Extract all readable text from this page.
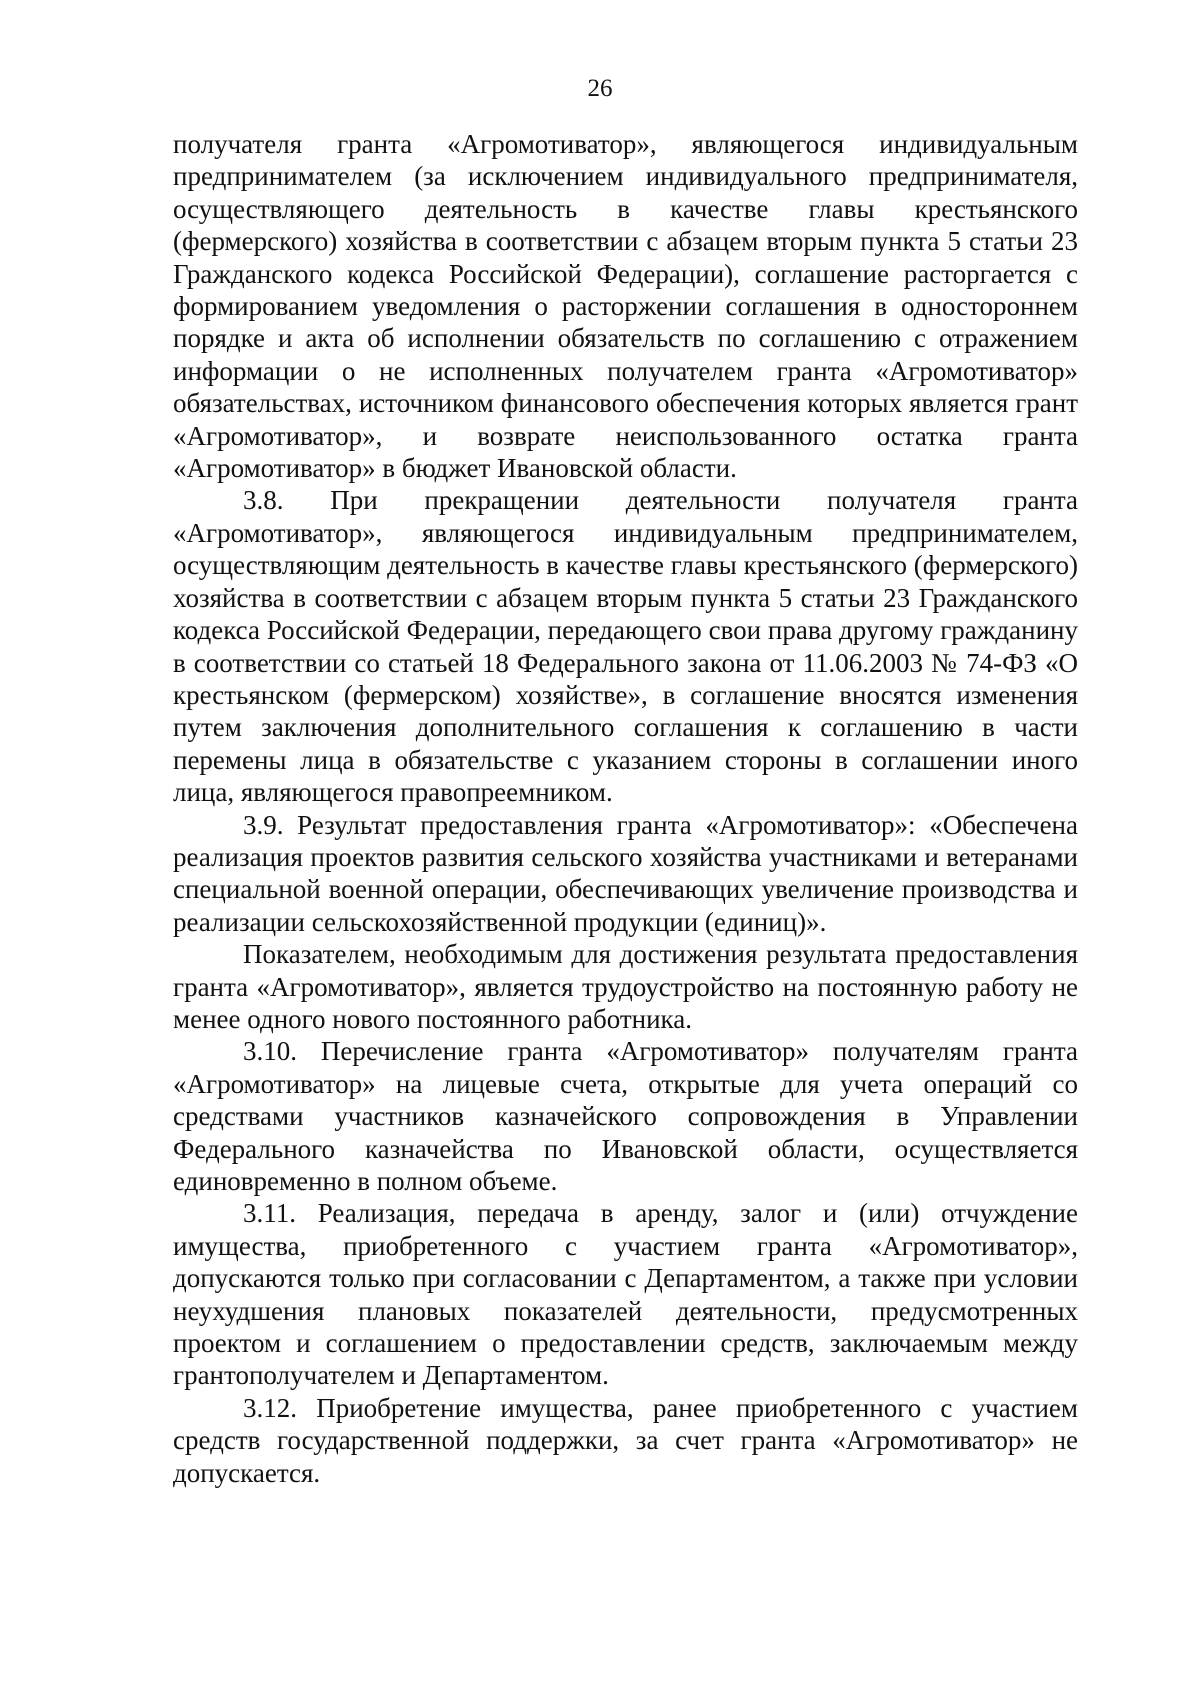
26

получателя гранта «Агромотиватор», являющегося индивидуальным предпринимателем (за исключением индивидуального предпринимателя, осуществляющего деятельность в качестве главы крестьянского (фермерского) хозяйства в соответствии с абзацем вторым пункта 5 статьи 23 Гражданского кодекса Российской Федерации), соглашение расторгается с формированием уведомления о расторжении соглашения в одностороннем порядке и акта об исполнении обязательств по соглашению с отражением информации о не исполненных получателем гранта «Агромотиватор» обязательствах, источником финансового обеспечения которых является грант «Агромотиватор», и возврате неиспользованного остатка гранта «Агромотиватор» в бюджет Ивановской области.

3.8. При прекращении деятельности получателя гранта «Агромотиватор», являющегося индивидуальным предпринимателем, осуществляющим деятельность в качестве главы крестьянского (фермерского) хозяйства в соответствии с абзацем вторым пункта 5 статьи 23 Гражданского кодекса Российской Федерации, передающего свои права другому гражданину в соответствии со статьей 18 Федерального закона от 11.06.2003 № 74-ФЗ «О крестьянском (фермерском) хозяйстве», в соглашение вносятся изменения путем заключения дополнительного соглашения к соглашению в части перемены лица в обязательстве с указанием стороны в соглашении иного лица, являющегося правопреемником.

3.9. Результат предоставления гранта «Агромотиватор»: «Обеспечена реализация проектов развития сельского хозяйства участниками и ветеранами специальной военной операции, обеспечивающих увеличение производства и реализации сельскохозяйственной продукции (единиц)».

Показателем, необходимым для достижения результата предоставления гранта «Агромотиватор», является трудоустройство на постоянную работу не менее одного нового постоянного работника.

3.10. Перечисление гранта «Агромотиватор» получателям гранта «Агромотиватор» на лицевые счета, открытые для учета операций со средствами участников казначейского сопровождения в Управлении Федерального казначейства по Ивановской области, осуществляется единовременно в полном объеме.

3.11. Реализация, передача в аренду, залог и (или) отчуждение имущества, приобретенного с участием гранта «Агромотиватор», допускаются только при согласовании с Департаментом, а также при условии неухудшения плановых показателей деятельности, предусмотренных проектом и соглашением о предоставлении средств, заключаемым между грантополучателем и Департаментом.

3.12. Приобретение имущества, ранее приобретенного с участием средств государственной поддержки, за счет гранта «Агромотиватор» не допускается.
